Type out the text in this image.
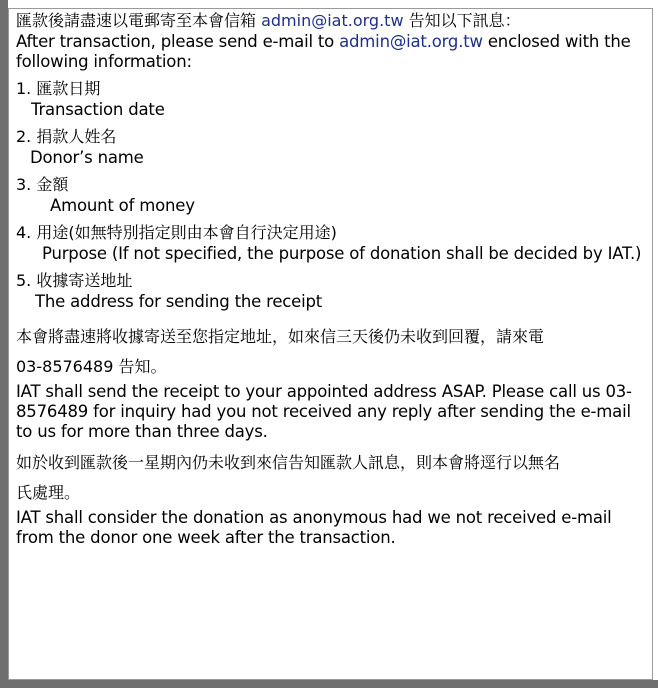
匯款後請盡速以電郵寄至本會信箱 admin@iat.org.tw 告知以下訊息：

After transaction, please send e-mail to admin@iat.org.tw enclosed with the following information:

1. 匯款日期

Transaction date

2. 捐款人姓名

Donor’s name

3. 金額

Amount of money

4. 用途(如無特別指定則由本會自行決定用途)

Purpose (If not specified, the purpose of donation shall be decided by IAT.)

5. 收據寄送地址

The address for sending the receipt

本會將盡速將收據寄送至您指定地址，如來信三天後仍未收到回覆，請來電

03-8576489 告知。

IAT shall send the receipt to your appointed address ASAP. Please call us 03-8576489 for inquiry had you not received any reply after sending the e-mail to us for more than three days.

如於收到匯款後一星期內仍未收到來信告知匯款人訊息，則本會將逕行以無名

氏處理。

IAT shall consider the donation as anonymous had we not received e-mail from the donor one week after the transaction.
